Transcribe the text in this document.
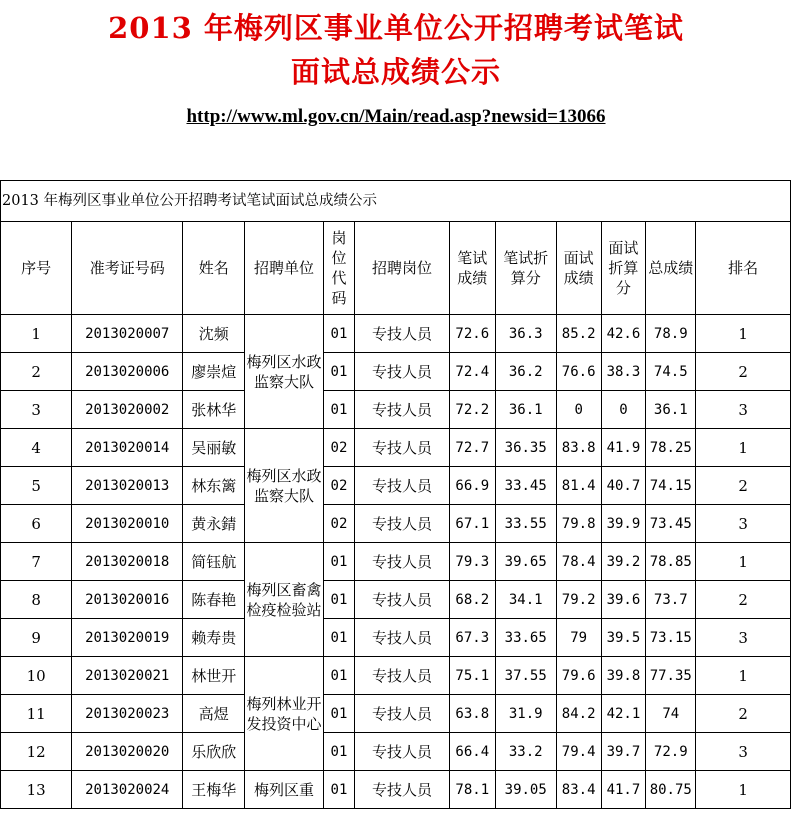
2013 年梅列区事业单位公开招聘考试笔试
面试总成绩公示
http://www.ml.gov.cn/Main/read.asp?newsid=13066
2013 年梅列区事业单位公开招聘考试笔试面试总成绩公示											
序号	准考证号码	姓名	招聘单位	岗位代码	招聘岗位	笔试成绩	笔试折算分	面试成绩	面试折算分	总成绩	排名
1	2013020007	沈频	梅列区水政监察大队	01	专技人员	72.6	36.3	85.2	42.6	78.9	1
2	2013020006	廖崇煊		01	专技人员	72.4	36.2	76.6	38.3	74.5	2
3	2013020002	张林华		01	专技人员	72.2	36.1	0	0	36.1	3
4	2013020014	吴丽敏	梅列区水政监察大队	02	专技人员	72.7	36.35	83.8	41.9	78.25	1
5	2013020013	林东篱		02	专技人员	66.9	33.45	81.4	40.7	74.15	2
6	2013020010	黄永錆		02	专技人员	67.1	33.55	79.8	39.9	73.45	3
7	2013020018	简钰航	梅列区畜禽检疫检验站	01	专技人员	79.3	39.65	78.4	39.2	78.85	1
8	2013020016	陈春艳		01	专技人员	68.2	34.1	79.2	39.6	73.7	2
9	2013020019	赖寿贵		01	专技人员	67.3	33.65	79	39.5	73.15	3
10	2013020021	林世开	梅列林业开发投资中心	01	专技人员	75.1	37.55	79.6	39.8	77.35	1
11	2013020023	高煜		01	专技人员	63.8	31.9	84.2	42.1	74	2
12	2013020020	乐欣欣		01	专技人员	66.4	33.2	79.4	39.7	72.9	3
13	2013020024	王梅华	梅列区重	01	专技人员	78.1	39.05	83.4	41.7	80.75	1
